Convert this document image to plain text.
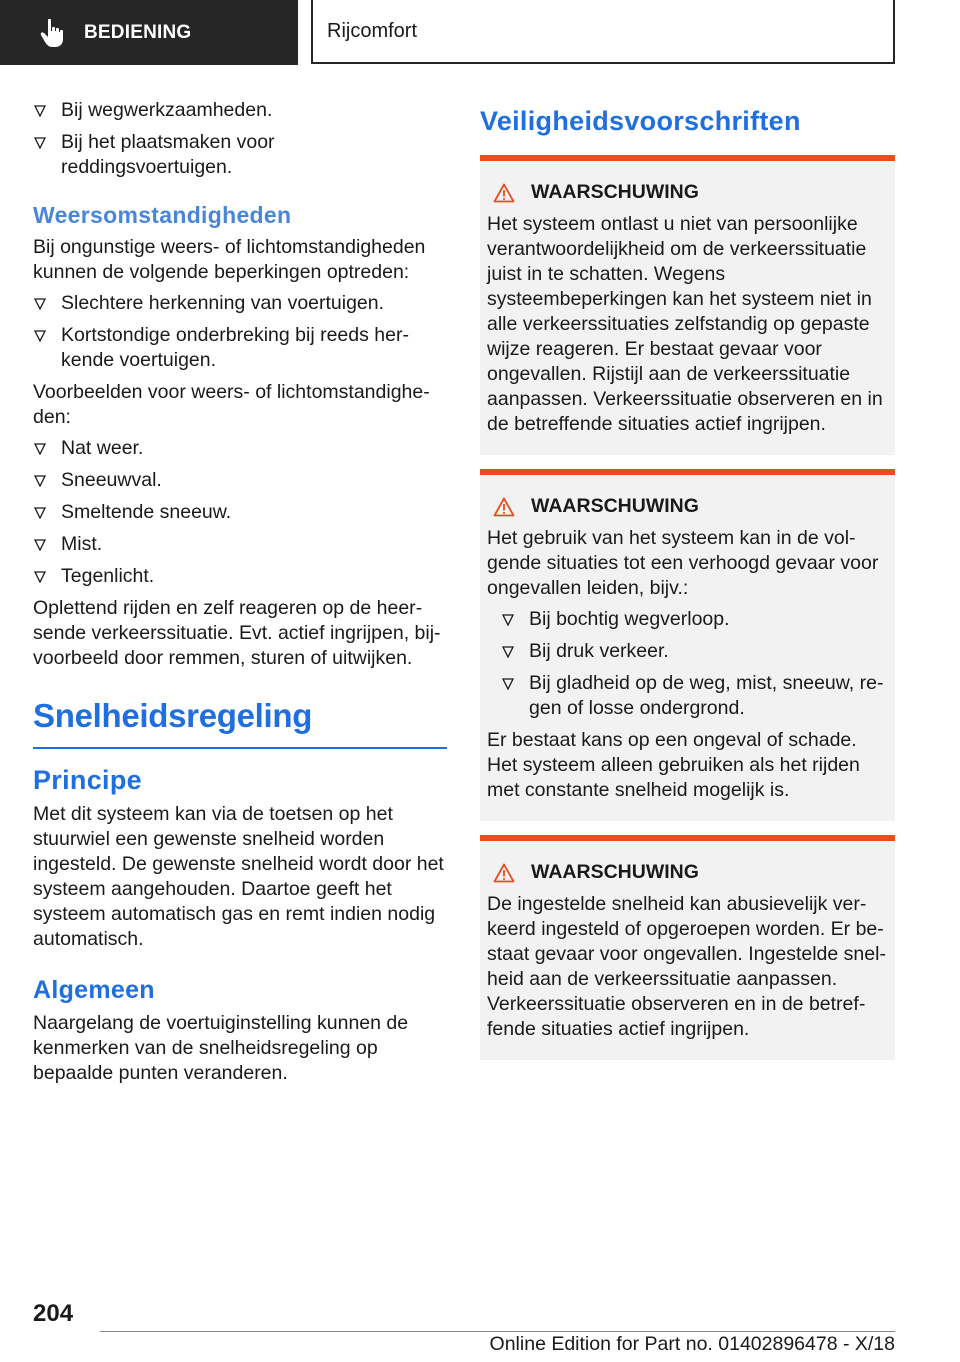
BEDIENING	Rijcomfort
Bij wegwerkzaamheden.
Bij het plaatsmaken voor reddingsvoertuigen.
Weersomstandigheden

Bij ongunstige weers- of lichtomstandigheden kunnen de volgende beperkingen optreden:

Slechtere herkenning van voertuigen.
Kortstondige onderbreking bij reeds herkende voertuigen.

Voorbeelden voor weers- of lichtomstandigheden:

Nat weer.
Sneeuwval.
Smeltende sneeuw.
Mist.
Tegenlicht.

Oplettend rijden en zelf reageren op de heersende verkeerssituatie. Evt. actief ingrijpen, bijvoorbeeld door remmen, sturen of uitwijken.

Snelheidsregeling
Principe

Met dit systeem kan via de toetsen op het stuurwiel een gewenste snelheid worden ingesteld. De gewenste snelheid wordt door het systeem aangehouden. Daartoe geeft het systeem automatisch gas en remt indien nodig automatisch.

Algemeen

Naargelang de voertuiginstelling kunnen de kenmerken van de snelheidsregeling op bepaalde punten veranderen.

Veiligheidsvoorschriften
WAARSCHUWING

Het systeem ontlast u niet van persoonlijke verantwoordelijkheid om de verkeerssituatie juist in te schatten. Wegens systeembeperkingen kan het systeem niet in alle verkeerssituaties zelfstandig op gepaste wijze reageren. Er bestaat gevaar voor ongevallen. Rijstijl aan de verkeerssituatie aanpassen. Verkeerssituatie observeren en in de betreffende situaties actief ingrijpen.

WAARSCHUWING

Het gebruik van het systeem kan in de volgende situaties tot een verhoogd gevaar voor ongevallen leiden, bijv.:

Bij bochtig wegverloop.
Bij druk verkeer.
Bij gladheid op de weg, mist, sneeuw, regen of losse ondergrond.

Er bestaat kans op een ongeval of schade. Het systeem alleen gebruiken als het rijden met constante snelheid mogelijk is.

WAARSCHUWING

De ingestelde snelheid kan abusievelijk verkeerd ingesteld of opgeroepen worden. Er bestaat gevaar voor ongevallen. Ingestelde snelheid aan de verkeerssituatie aanpassen. Verkeerssituatie observeren en in de betreffende situaties actief ingrijpen.

204
Online Edition for Part no. 01402896478 - X/18
